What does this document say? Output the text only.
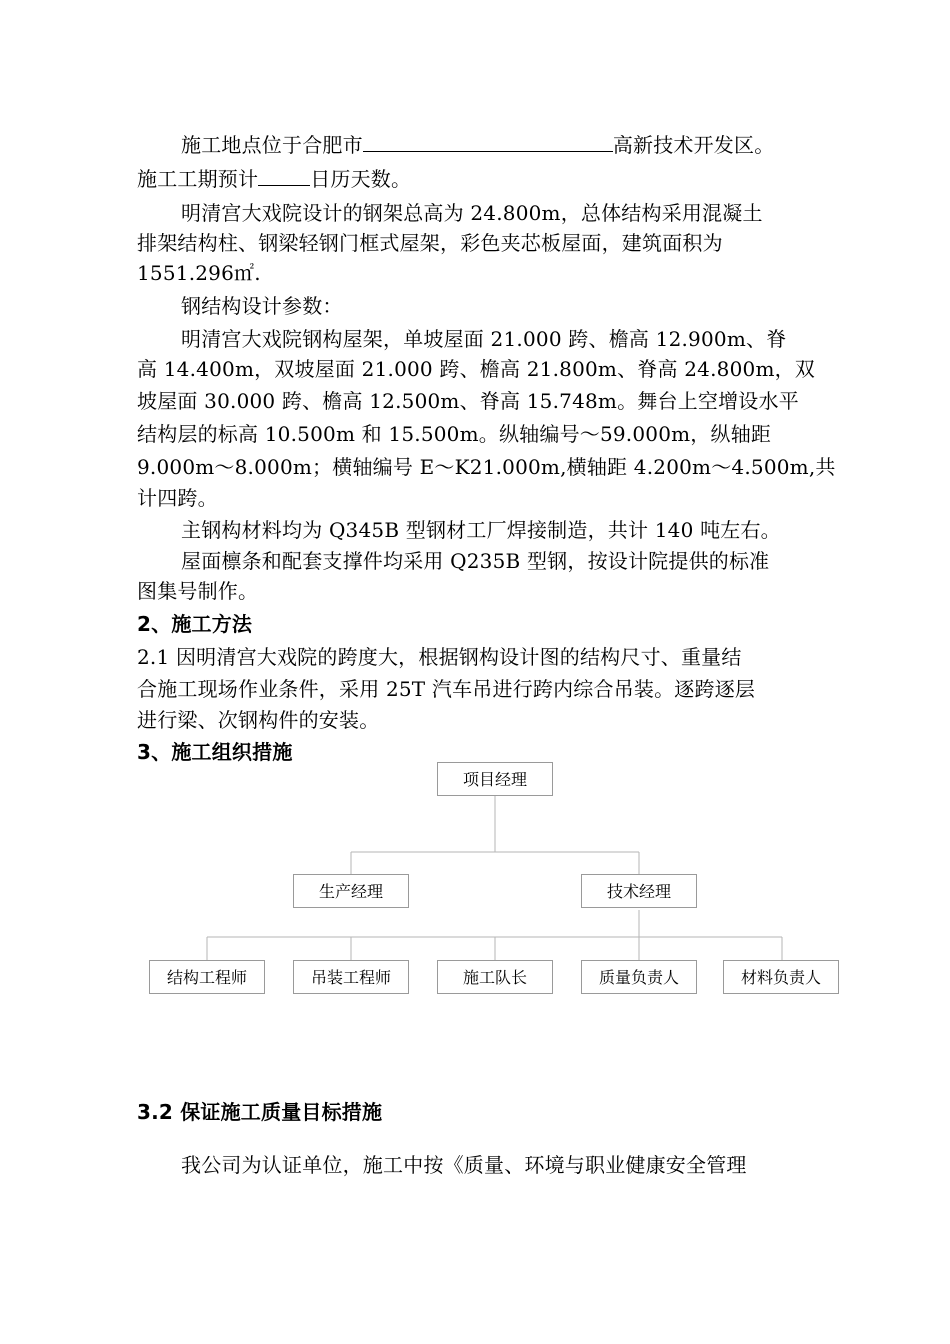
施工地点位于合肥市	高新技术开发区。
施工工期预计	日历天数。
明清宫大戏院设计的钢架总高为 24.800m，总体结构采用混凝土
排架结构柱、钢梁轻钢门框式屋架，彩色夹芯板屋面，建筑面积为
1551.296㎡.
钢结构设计参数：
明清宫大戏院钢构屋架，单坡屋面 21.000 跨、檐高 12.900m、脊
高 14.400m，双坡屋面 21.000 跨、檐高 21.800m、脊高 24.800m，双
坡屋面 30.000 跨、檐高 12.500m、脊高 15.748m。舞台上空增设水平
结构层的标高 10.500m 和 15.500m。纵轴编号～59.000m，纵轴距
9.000m～8.000m；横轴编号 E～K21.000m,横轴距 4.200m～4.500m,共
计四跨。
主钢构材料均为 Q345B 型钢材工厂焊接制造，共计 140 吨左右。
屋面檩条和配套支撑件均采用 Q235B 型钢，按设计院提供的标准
图集号制作。
2、施工方法
2.1 因明清宫大戏院的跨度大，根据钢构设计图的结构尺寸、重量结
合施工现场作业条件，采用 25T 汽车吊进行跨内综合吊装。逐跨逐层
进行梁、次钢构件的安装。
3、施工组织措施
项目经理
生产经理	技术经理
结构工程师	吊装工程师	施工队长	质量负责人	材料负责人
3.2 保证施工质量目标措施
我公司为认证单位，施工中按《质量、环境与职业健康安全管理
